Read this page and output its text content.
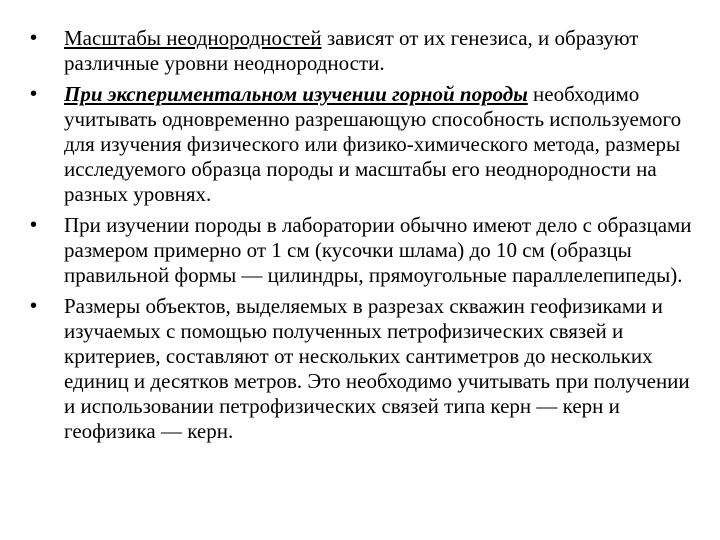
• Масштабы неоднородностей зависят от их генезиса, и образуют различные уровни неоднородности.
• При экспериментальном изучении горной породы необходимо учитывать одновременно разрешающую способность используемого для изучения физического или физико-химического метода, размеры исследуемого образца породы и масштабы его неоднородности на разных уровнях.
• При изучении породы в лаборатории обычно имеют дело с образцами размером примерно от 1 см (кусочки шлама) до 10 см (образцы правильной формы — цилиндры, прямоугольные параллелепипеды).
• Размеры объектов, выделяемых в разрезах скважин геофизиками и изучаемых с помощью полученных петрофизических связей и критериев, составляют от нескольких сантиметров до нескольких единиц и десятков метров. Это необходимо учитывать при получении и использовании петрофизических связей типа керн — керн и геофизика — керн.
